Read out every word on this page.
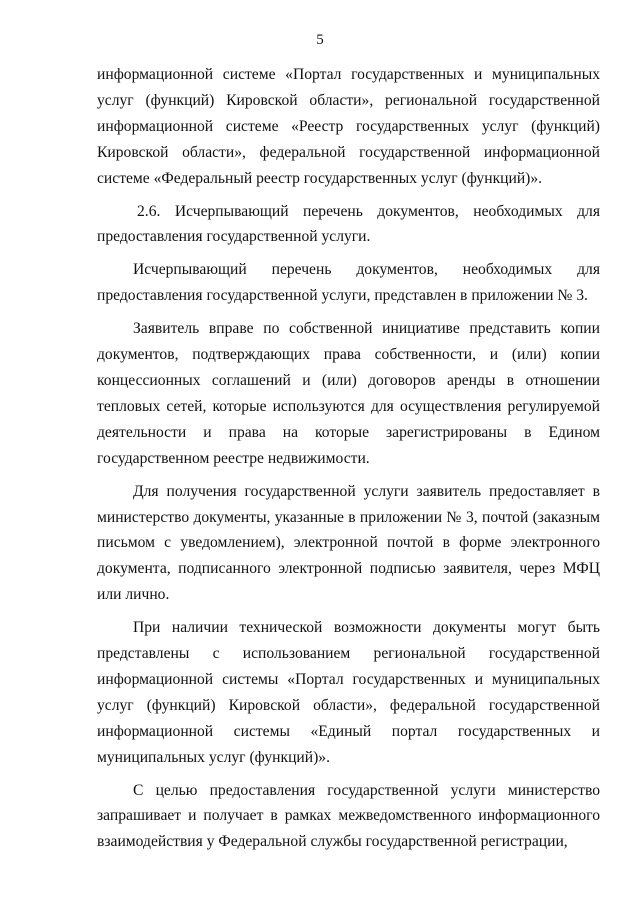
5

информационной системе «Портал государственных и муниципальных услуг (функций) Кировской области», региональной государственной информационной системе «Реестр государственных услуг (функций) Кировской области», федеральной государственной информационной системе «Федеральный реестр государственных услуг (функций)».

2.6. Исчерпывающий перечень документов, необходимых для предоставления государственной услуги.

Исчерпывающий перечень документов, необходимых для предоставления государственной услуги, представлен в приложении № 3.

Заявитель вправе по собственной инициативе представить копии документов, подтверждающих права собственности, и (или) копии концессионных соглашений и (или) договоров аренды в отношении тепловых сетей, которые используются для осуществления регулируемой деятельности и права на которые зарегистрированы в Едином государственном реестре недвижимости.

Для получения государственной услуги заявитель предоставляет в министерство документы, указанные в приложении № 3, почтой (заказным письмом с уведомлением), электронной почтой в форме электронного документа, подписанного электронной подписью заявителя, через МФЦ или лично.

При наличии технической возможности документы могут быть представлены с использованием региональной государственной информационной системы «Портал государственных и муниципальных услуг (функций) Кировской области», федеральной государственной информационной системы «Единый портал государственных и муниципальных услуг (функций)».

С целью предоставления государственной услуги министерство запрашивает и получает в рамках межведомственного информационного взаимодействия у Федеральной службы государственной регистрации,
